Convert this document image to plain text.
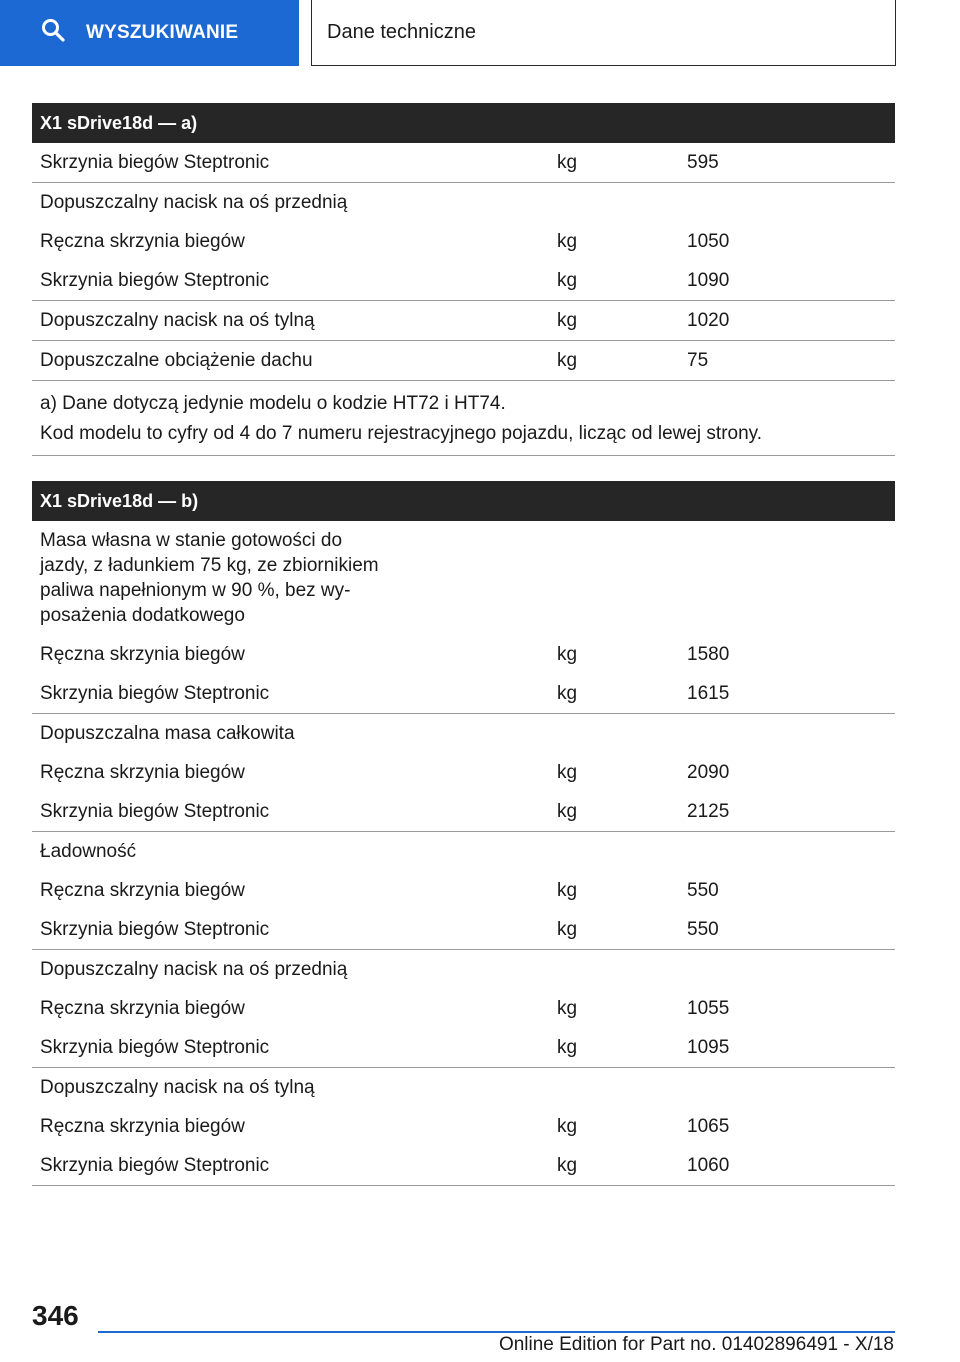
WYSZUKIWANIE	Dane techniczne
X1 sDrive18d — a)
Skrzynia biegów Steptronic	kg	595
Dopuszczalny nacisk na oś przednią
Ręczna skrzynia biegów	kg	1050
Skrzynia biegów Steptronic	kg	1090
Dopuszczalny nacisk na oś tylną	kg	1020
Dopuszczalne obciążenie dachu	kg	75
a) Dane dotyczą jedynie modelu o kodzie HT72 i HT74.
Kod modelu to cyfry od 4 do 7 numeru rejestracyjnego pojazdu, licząc od lewej strony.
X1 sDrive18d — b)
Masa własna w stanie gotowości do jazdy, z ładunkiem 75 kg, ze zbiornikiem paliwa napełnionym w 90 %, bez wy-posażenia dodatkowego
Ręczna skrzynia biegów	kg	1580
Skrzynia biegów Steptronic	kg	1615
Dopuszczalna masa całkowita
Ręczna skrzynia biegów	kg	2090
Skrzynia biegów Steptronic	kg	2125
Ładowność
Ręczna skrzynia biegów	kg	550
Skrzynia biegów Steptronic	kg	550
Dopuszczalny nacisk na oś przednią
Ręczna skrzynia biegów	kg	1055
Skrzynia biegów Steptronic	kg	1095
Dopuszczalny nacisk na oś tylną
Ręczna skrzynia biegów	kg	1065
Skrzynia biegów Steptronic	kg	1060
346
Online Edition for Part no. 01402896491 - X/18
